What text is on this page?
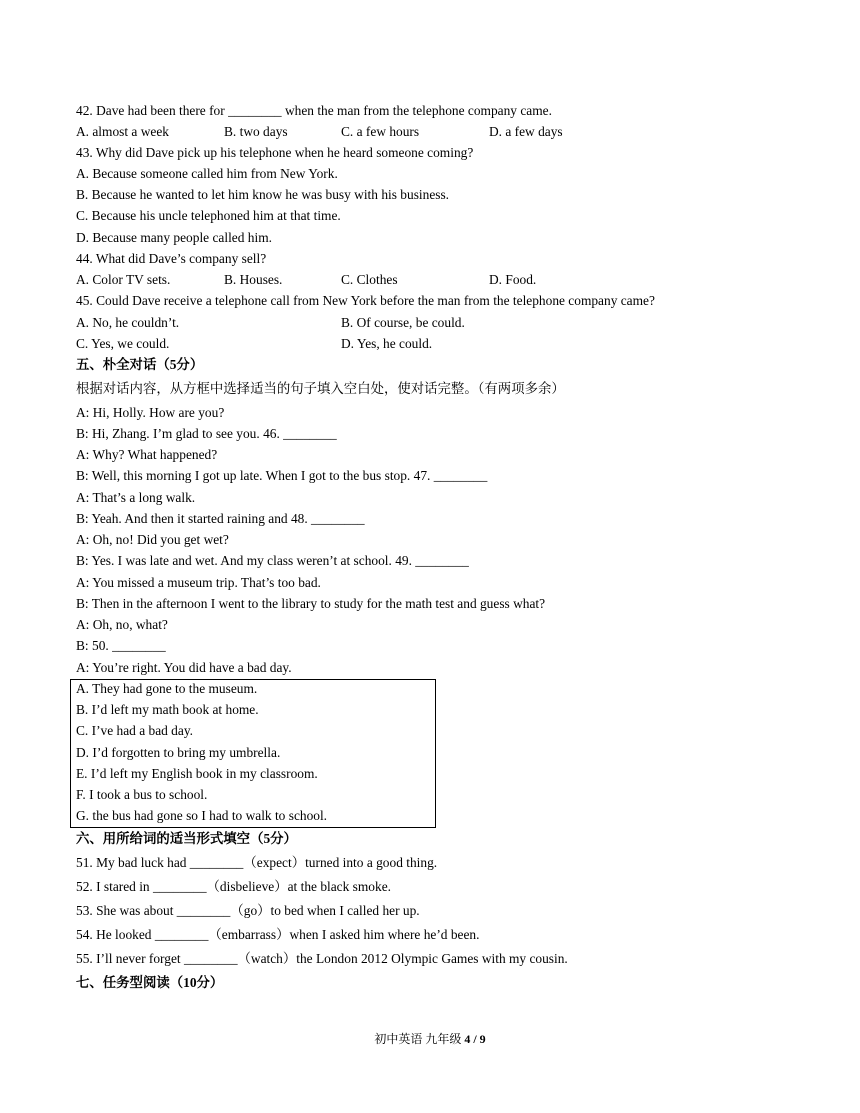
42. Dave had been there for ________ when the man from the telephone company came.
A. almost a week	B. two days	C. a few hours	D. a few days
43. Why did Dave pick up his telephone when he heard someone coming?
A. Because someone called him from New York.
B. Because he wanted to let him know he was busy with his business.
C. Because his uncle telephoned him at that time.
D. Because many people called him.
44. What did Dave’s company sell?
A. Color TV sets.	B. Houses.	C. Clothes	D. Food.
45. Could Dave receive a telephone call from New York before the man from the telephone company came?
A. No, he couldn’t.	B. Of course, be could.
C. Yes, we could.	D. Yes, he could.
五、朴全对话（5分）
根据对话内容，从方框中选择适当的句子填入空白处，使对话完整。（有两项多余）
A: Hi, Holly. How are you?
B: Hi, Zhang. I’m glad to see you. 46. ________
A: Why? What happened?
B: Well, this morning I got up late. When I got to the bus stop. 47. ________
A: That’s a long walk.
B: Yeah. And then it started raining and 48. ________
A: Oh, no! Did you get wet?
B: Yes. I was late and wet. And my class weren’t at school. 49. ________
A: You missed a museum trip. That’s too bad.
B: Then in the afternoon I went to the library to study for the math test and guess what?
A: Oh, no, what?
B: 50. ________
A: You’re right. You did have a bad day.
A. They had gone to the museum.
B. I’d left my math book at home.
C. I’ve had a bad day.
D. I’d forgotten to bring my umbrella.
E. I’d left my English book in my classroom.
F. I took a bus to school.
G. the bus had gone so I had to walk to school.
六、用所给词的适当形式填空（5分）
51. My bad luck had ________（expect）turned into a good thing.
52. I stared in ________（disbelieve）at the black smoke.
53. She was about ________（go）to bed when I called her up.
54. He looked ________（embarrass）when I asked him where he’d been.
55. I’ll never forget ________（watch）the London 2012 Olympic Games with my cousin.
七、任务型阅读（10分）
初中英语 九年级 4 / 9
